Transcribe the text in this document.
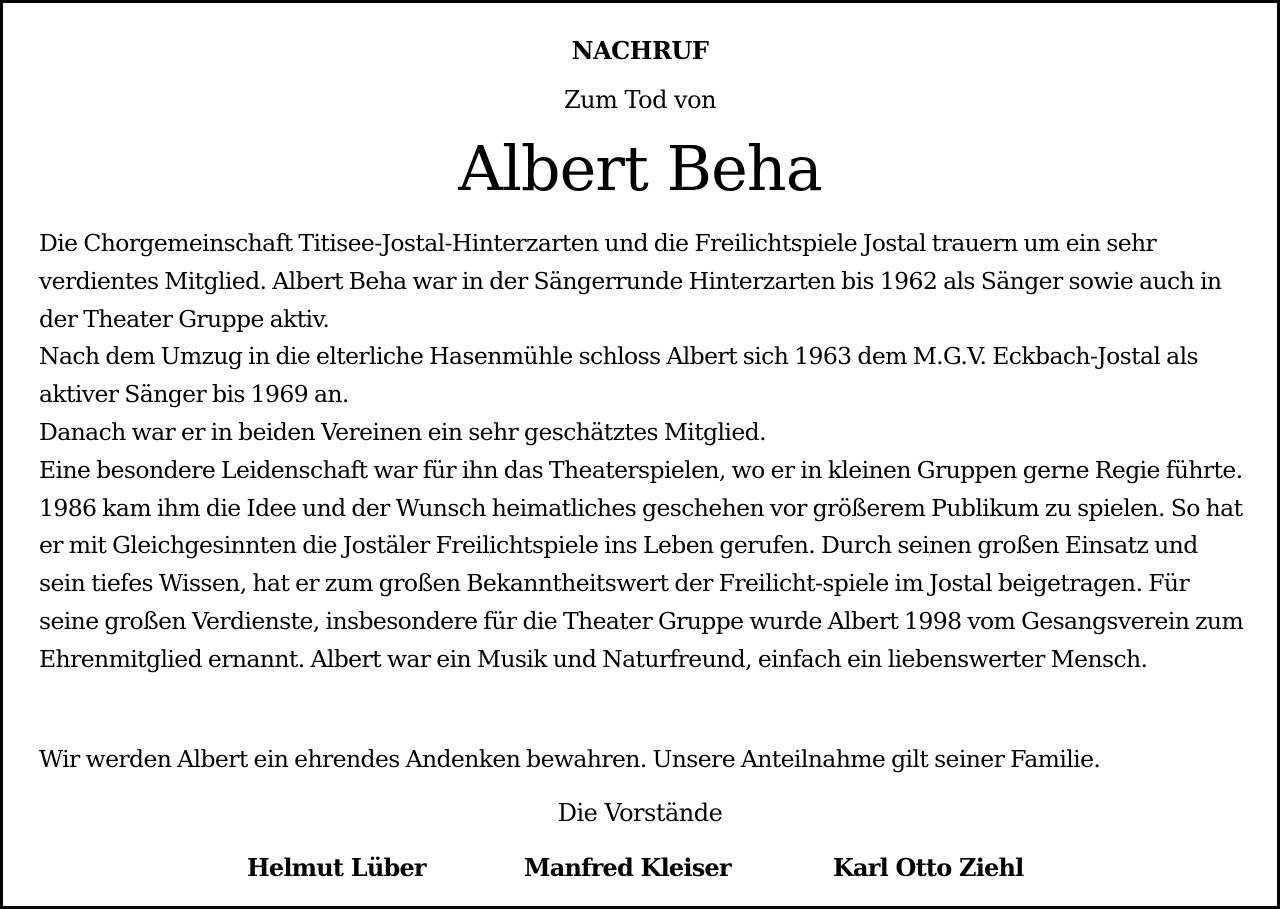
NACHRUF
Zum Tod von
Albert Beha

Die Chorgemeinschaft Titisee-Jostal-Hinterzarten und die Freilichtspiele Jostal trauern um ein sehr verdientes Mitglied. Albert Beha war in der Sängerrunde Hinterzarten bis 1962 als Sänger sowie auch in der Theater Gruppe aktiv.

Nach dem Umzug in die elterliche Hasenmühle schloss Albert sich 1963 dem M.G.V. Eckbach-Jostal als aktiver Sänger bis 1969 an.

Danach war er in beiden Vereinen ein sehr geschätztes Mitglied.

Eine besondere Leidenschaft war für ihn das Theaterspielen, wo er in kleinen Gruppen gerne Regie führte. 1986 kam ihm die Idee und der Wunsch heimatliches geschehen vor größerem Publikum zu spielen. So hat er mit Gleichgesinnten die Jostäler Freilichtspiele ins Leben gerufen. Durch seinen großen Einsatz und sein tiefes Wissen, hat er zum großen Bekanntheitswert der Freilicht-spiele im Jostal beigetragen. Für seine großen Verdienste, insbesondere für die Theater Gruppe wurde Albert 1998 vom Gesangsverein zum Ehrenmitglied ernannt. Albert war ein Musik und Naturfreund, einfach ein liebenswerter Mensch.

Wir werden Albert ein ehrendes Andenken bewahren. Unsere Anteilnahme gilt seiner Familie.
Die Vorstände
Helmut Lüber	Manfred Kleiser	Karl Otto Ziehl
